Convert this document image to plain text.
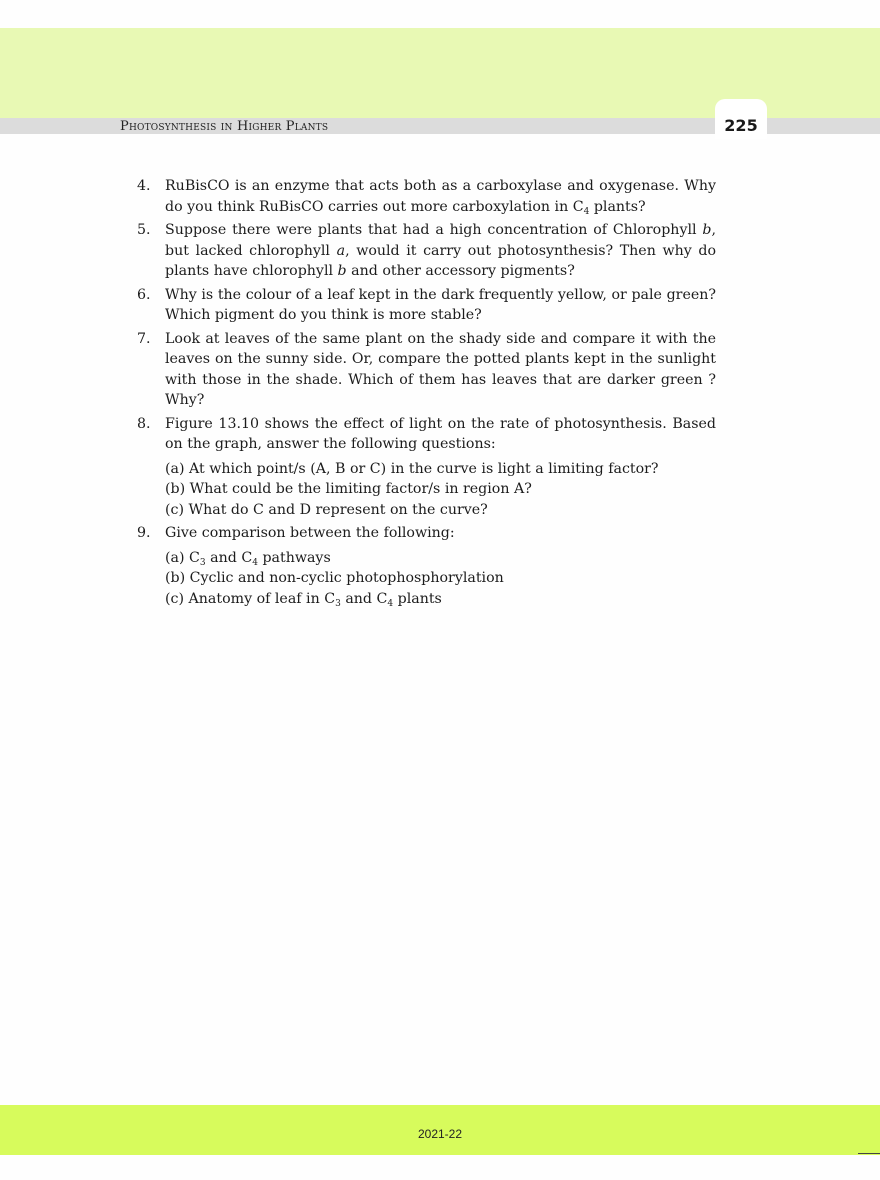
Photosynthesis in Higher Plants	225
4.	RuBisCO is an enzyme that acts both as a carboxylase and oxygenase. Why do you think RuBisCO carries out more carboxylation in $C_4$ plants?
5.	Suppose there were plants that had a high concentration of Chlorophyll b, but lacked chlorophyll a, would it carry out photosynthesis? Then why do plants have chlorophyll b and other accessory pigments?
6.	Why is the colour of a leaf kept in the dark frequently yellow, or pale green? Which pigment do you think is more stable?
7.	Look at leaves of the same plant on the shady side and compare it with the leaves on the sunny side. Or, compare the potted plants kept in the sunlight with those in the shade. Which of them has leaves that are darker green ? Why?
8.	Figure 13.10 shows the effect of light on the rate of photosynthesis. Based on the graph, answer the following questions:
(a) At which point/s (A, B or C) in the curve is light a limiting factor?
(b) What could be the limiting factor/s in region A?
(c) What do C and D represent on the curve?
9.	Give comparison between the following:
(a) $C_3$ and $C_4$ pathways
(b) Cyclic and non-cyclic photophosphorylation
(c) Anatomy of leaf in $C_3$ and $C_4$ plants
2021-22
